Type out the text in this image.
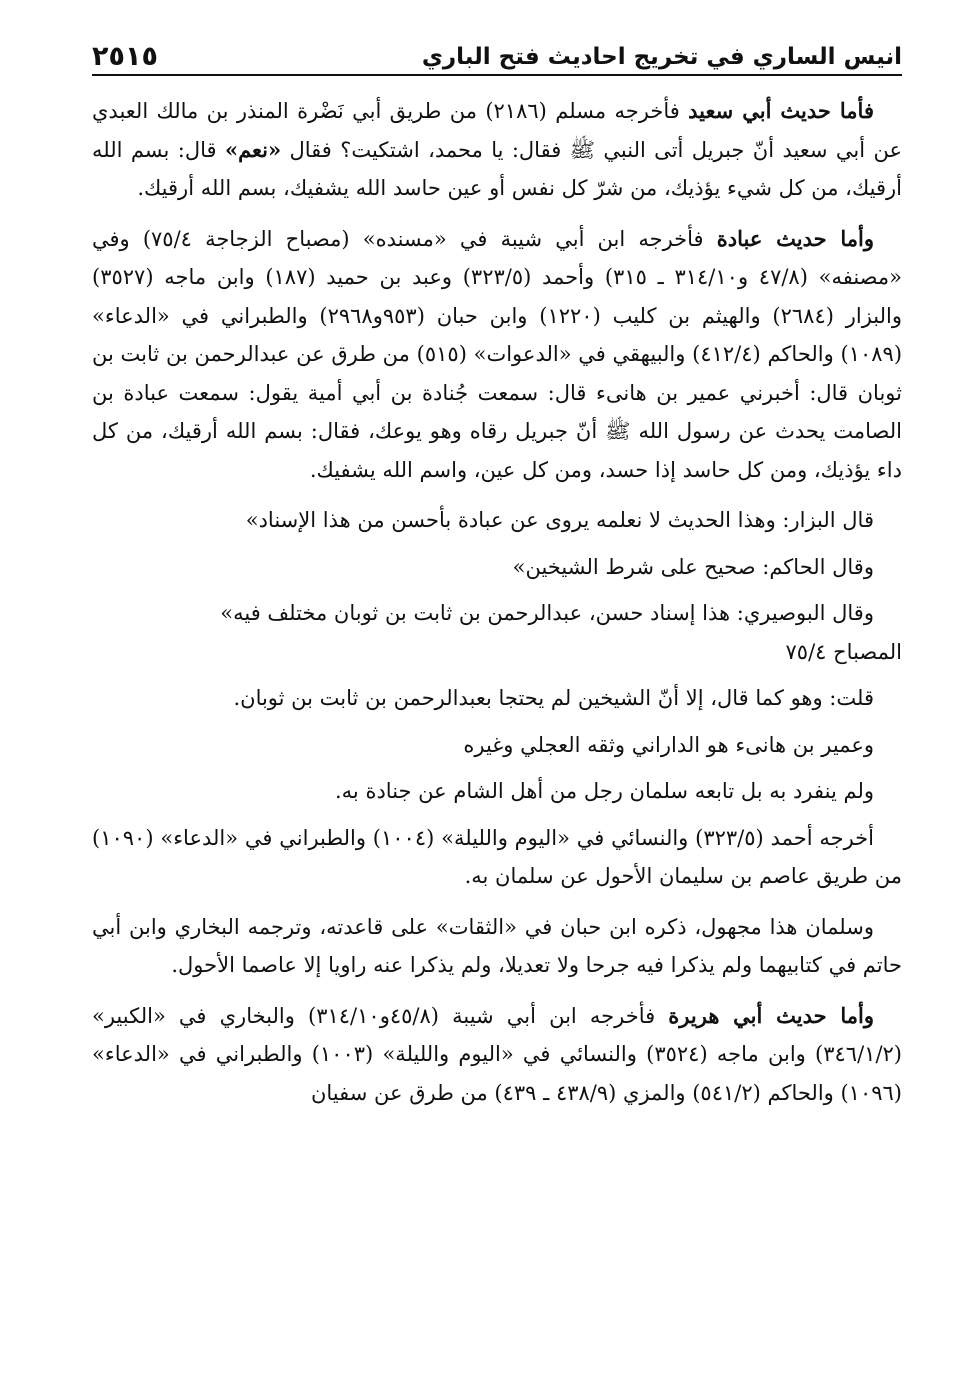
انيس الساري في تخريج احاديث فتح الباري
٢٥١٥

فأما حديث أبي سعيد فأخرجه مسلم (٢١٨٦) من طريق أبي نَضْرة المنذر بن مالك العبدي عن أبي سعيد أنّ جبريل أتى النبي ﷺ فقال: يا محمد، اشتكيت؟ فقال «نعم» قال: بسم الله أرقيك، من كل شيء يؤذيك، من شرّ كل نفس أو عين حاسد الله يشفيك، بسم الله أرقيك.

وأما حديث عبادة فأخرجه ابن أبي شيبة في «مسنده» (مصباح الزجاجة ٧٥/٤) وفي «مصنفه» (٤٧/٨ و٣١٤/١٠ ـ ٣١٥) وأحمد (٣٢٣/٥) وعبد بن حميد (١٨٧) وابن ماجه (٣٥٢٧) والبزار (٢٦٨٤) والهيثم بن كليب (١٢٢٠) وابن حبان (٩٥٣و٢٩٦٨) والطبراني في «الدعاء» (١٠٨٩) والحاكم (٤١٢/٤) والبيهقي في «الدعوات» (٥١٥) من طرق عن عبدالرحمن بن ثابت بن ثوبان قال: أخبرني عمير بن هانىء قال: سمعت جُنادة بن أبي أمية يقول: سمعت عبادة بن الصامت يحدث عن رسول الله ﷺ أنّ جبريل رقاه وهو يوعك، فقال: بسم الله أرقيك، من كل داء يؤذيك، ومن كل حاسد إذا حسد، ومن كل عين، واسم الله يشفيك.

قال البزار: وهذا الحديث لا نعلمه يروى عن عبادة بأحسن من هذا الإسناد»

وقال الحاكم: صحيح على شرط الشيخين»

وقال البوصيري: هذا إسناد حسن، عبدالرحمن بن ثابت بن ثوبان مختلف فيه»
المصباح ٧٥/٤

قلت: وهو كما قال، إلا أنّ الشيخين لم يحتجا بعبدالرحمن بن ثابت بن ثوبان.

وعمير بن هانىء هو الداراني وثقه العجلي وغيره

ولم ينفرد به بل تابعه سلمان رجل من أهل الشام عن جنادة به.

أخرجه أحمد (٣٢٣/٥) والنسائي في «اليوم والليلة» (١٠٠٤) والطبراني في «الدعاء» (١٠٩٠) من طريق عاصم بن سليمان الأحول عن سلمان به.

وسلمان هذا مجهول، ذكره ابن حبان في «الثقات» على قاعدته، وترجمه البخاري وابن أبي حاتم في كتابيهما ولم يذكرا فيه جرحا ولا تعديلا، ولم يذكرا عنه راويا إلا عاصما الأحول.

وأما حديث أبي هريرة فأخرجه ابن أبي شيبة (٤٥/٨و٣١٤/١٠) والبخاري في «الكبير» (٣٤٦/١/٢) وابن ماجه (٣٥٢٤) والنسائي في «اليوم والليلة» (١٠٠٣) والطبراني في «الدعاء» (١٠٩٦) والحاكم (٥٤١/٢) والمزي (٤٣٨/٩ ـ ٤٣٩) من طرق عن سفيان
